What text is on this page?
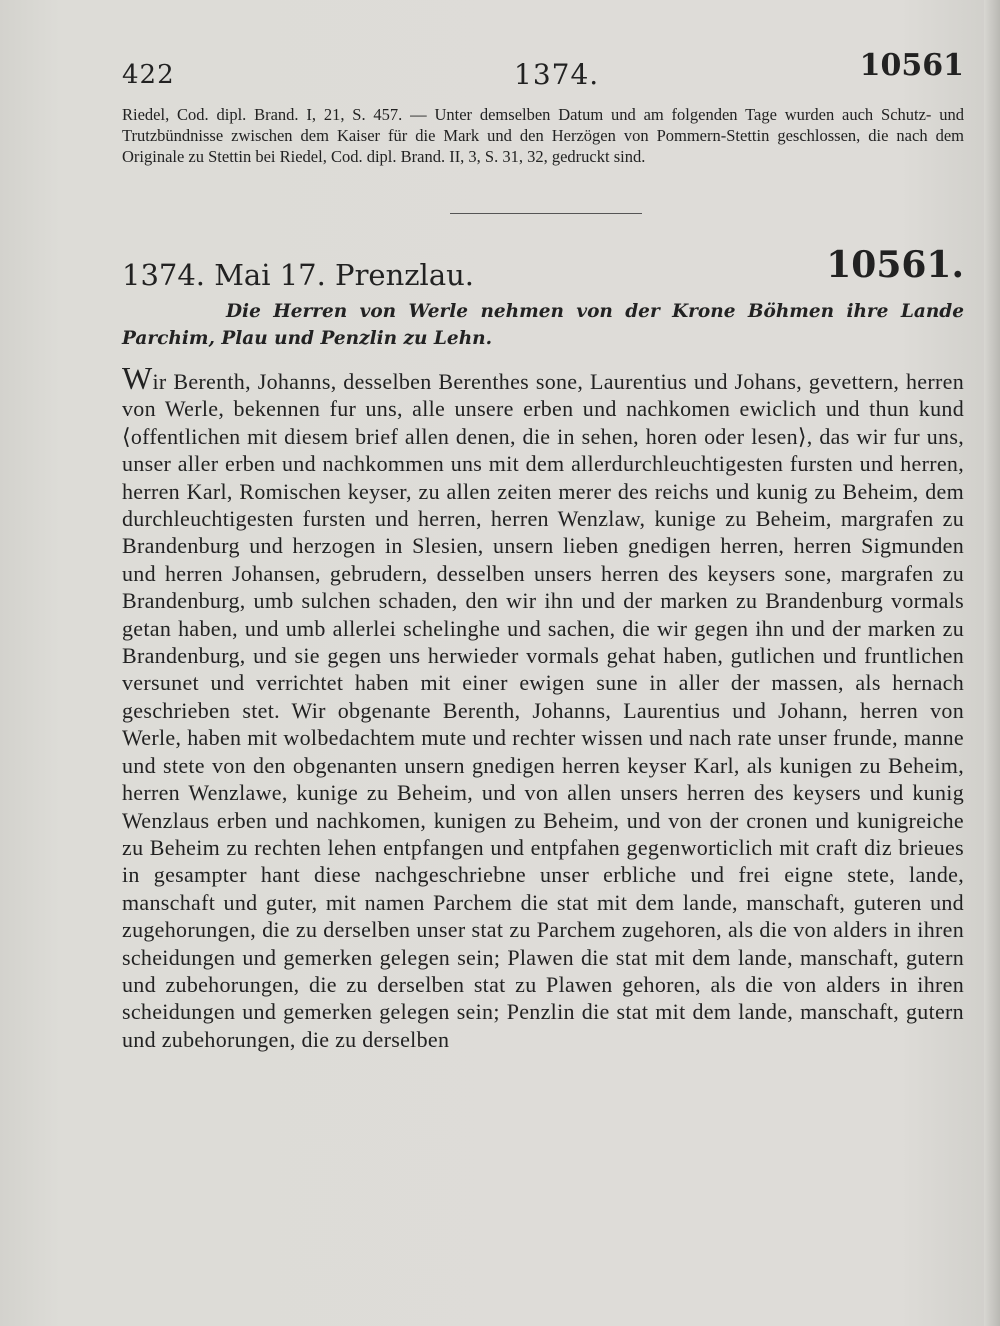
422	1374.	10561

Riedel, Cod. dipl. Brand. I, 21, S. 457. — Unter demselben Datum und am folgenden Tage wurden auch Schutz- und Trutzbündnisse zwischen dem Kaiser für die Mark und den Herzögen von Pommern-Stettin geschlossen, die nach dem Originale zu Stettin bei Riedel, Cod. dipl. Brand. II, 3, S. 31, 32, gedruckt sind.

1374. Mai 17. Prenzlau.	10561.

Die Herren von Werle nehmen von der Krone Böhmen ihre Lande Parchim, Plau und Penzlin zu Lehn.

Wir Berenth, Johanns, desselben Berenthes sone, Laurentius und Johans, gevettern, herren von Werle, bekennen fur uns, alle unsere erben und nachkomen ewiclich und thun kund ⟨offentlichen mit diesem brief allen denen, die in sehen, horen oder lesen⟩, das wir fur uns, unser aller erben und nachkommen uns mit dem allerdurchleuchtigesten fursten und herren, herren Karl, Romischen keyser, zu allen zeiten merer des reichs und kunig zu Beheim, dem durchleuchtigesten fursten und herren, herren Wenzlaw, kunige zu Beheim, margrafen zu Brandenburg und herzogen in Slesien, unsern lieben gnedigen herren, herren Sigmunden und herren Johansen, gebrudern, desselben unsers herren des keysers sone, margrafen zu Brandenburg, umb sulchen schaden, den wir ihn und der marken zu Brandenburg vormals getan haben, und umb allerlei schelinghe und sachen, die wir gegen ihn und der marken zu Brandenburg, und sie gegen uns herwieder vormals gehat haben, gutlichen und fruntlichen versunet und verrichtet haben mit einer ewigen sune in aller der massen, als hernach geschrieben stet. Wir obgenante Berenth, Johanns, Laurentius und Johann, herren von Werle, haben mit wolbedachtem mute und rechter wissen und nach rate unser frunde, manne und stete von den obgenanten unsern gnedigen herren keyser Karl, als kunigen zu Beheim, herren Wenzlawe, kunige zu Beheim, und von allen unsers herren des keysers und kunig Wenzlaus erben und nachkomen, kunigen zu Beheim, und von der cronen und kunigreiche zu Beheim zu rechten lehen entpfangen und entpfahen gegenworticlich mit craft diz brieues in gesampter hant diese nachgeschriebne unser erbliche und frei eigne stete, lande, manschaft und guter, mit namen Parchem die stat mit dem lande, manschaft, guteren und zugehorungen, die zu derselben unser stat zu Parchem zugehoren, als die von alders in ihren scheidungen und gemerken gelegen sein; Plawen die stat mit dem lande, manschaft, gutern und zubehorungen, die zu derselben stat zu Plawen gehoren, als die von alders in ihren scheidungen und gemerken gelegen sein; Penzlin die stat mit dem lande, manschaft, gutern und zubehorungen, die zu derselben
